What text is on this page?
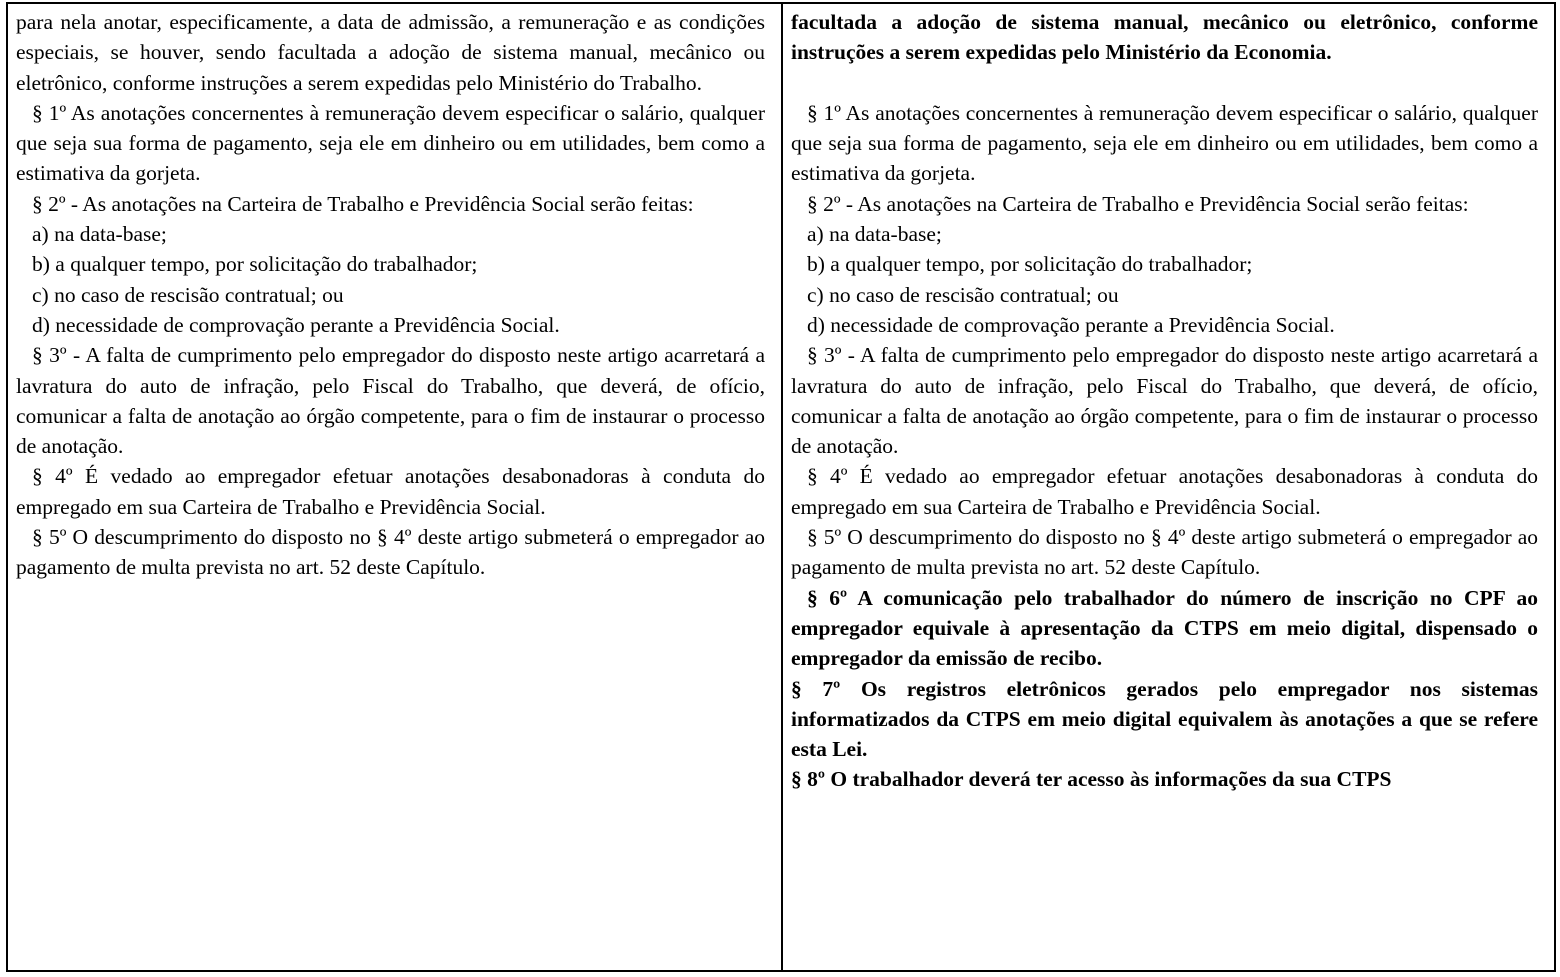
para nela anotar, especificamente, a data de admissão, a remuneração e as condições especiais, se houver, sendo facultada a adoção de sistema manual, mecânico ou eletrônico, conforme instruções a serem expedidas pelo Ministério do Trabalho.

§ 1º As anotações concernentes à remuneração devem especificar o salário, qualquer que seja sua forma de pagamento, seja ele em dinheiro ou em utilidades, bem como a estimativa da gorjeta.

§ 2º - As anotações na Carteira de Trabalho e Previdência Social serão feitas:

a) na data-base;

b) a qualquer tempo, por solicitação do trabalhador;

c) no caso de rescisão contratual; ou

d) necessidade de comprovação perante a Previdência Social.

§ 3º - A falta de cumprimento pelo empregador do disposto neste artigo acarretará a lavratura do auto de infração, pelo Fiscal do Trabalho, que deverá, de ofício, comunicar a falta de anotação ao órgão competente, para o fim de instaurar o processo de anotação.

§ 4º É vedado ao empregador efetuar anotações desabonadoras à conduta do empregado em sua Carteira de Trabalho e Previdência Social.

§ 5º O descumprimento do disposto no § 4º deste artigo submeterá o empregador ao pagamento de multa prevista no art. 52 deste Capítulo.

facultada a adoção de sistema manual, mecânico ou eletrônico, conforme instruções a serem expedidas pelo Ministério da Economia.

§ 1º As anotações concernentes à remuneração devem especificar o salário, qualquer que seja sua forma de pagamento, seja ele em dinheiro ou em utilidades, bem como a estimativa da gorjeta.

§ 2º - As anotações na Carteira de Trabalho e Previdência Social serão feitas:

a) na data-base;

b) a qualquer tempo, por solicitação do trabalhador;

c) no caso de rescisão contratual; ou

d) necessidade de comprovação perante a Previdência Social.

§ 3º - A falta de cumprimento pelo empregador do disposto neste artigo acarretará a lavratura do auto de infração, pelo Fiscal do Trabalho, que deverá, de ofício, comunicar a falta de anotação ao órgão competente, para o fim de instaurar o processo de anotação.

§ 4º É vedado ao empregador efetuar anotações desabonadoras à conduta do empregado em sua Carteira de Trabalho e Previdência Social.

§ 5º O descumprimento do disposto no § 4º deste artigo submeterá o empregador ao pagamento de multa prevista no art. 52 deste Capítulo.

§ 6º A comunicação pelo trabalhador do número de inscrição no CPF ao empregador equivale à apresentação da CTPS em meio digital, dispensado o empregador da emissão de recibo.

§ 7º Os registros eletrônicos gerados pelo empregador nos sistemas informatizados da CTPS em meio digital equivalem às anotações a que se refere esta Lei.

§ 8º O trabalhador deverá ter acesso às informações da sua CTPS
